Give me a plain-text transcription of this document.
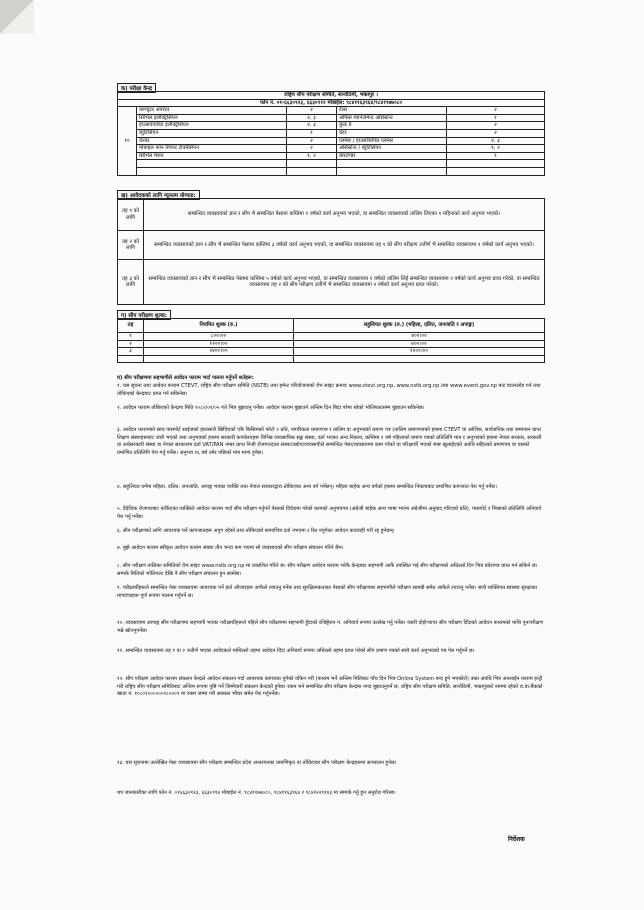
क) परीक्षा केन्द्र
राष्ट्रिय सीप परीक्षण समिति, सानोठिमी, भक्तपुर ।				
फोन नं. ०१-६६३०९२३, ६६३०९१२ मोबाईल: ९८४११६३९६४/९८४१९७७०८०				
१०	कम्प्युटर अपरेटर	२	टेलर	२
	सिभिल इलेक्ट्रिसियन	२, ३	अफिस म्यानेजमेन्ट असिस्टेन्ट	१
	हाउसवायरिङ इलेक्ट्रिसियन	२, ३	कुक II	२
	ब्युटिसियन	१	वेटर	२
	वेल्डर	२	प्लम्बर / हाउसकिपिङ प्लम्बर	२, ३
	मोबाइल फोन रिपेयर टेक्निसियन	२	असिस्टेन्ट / ब्युटिसियन	१, २
	सिभिल मेशन	१, २	बारटेण्डर	१

ख) आवेदकको लागि न्यूनतम योग्यता:
तह १ को लागि	सम्बन्धित व्यवसायको ज्ञान र सीप भै सम्बन्धित पेसामा कम्तिमा १ वर्षको कार्य अनुभव भएको, वा सम्बन्धित व्यवसायको तालिम लिएका १ महिनाको कार्य अनुभव भएको।
तह २ को लागि	सम्बन्धित व्यवसायको ज्ञान र सीप भै सम्बन्धित पेसामा कम्तिमा ३ वर्षको कार्य अनुभव भएको, वा सम्बन्धित व्यवसायमा तह १ को सीप परीक्षण उत्तीर्ण भै सम्बन्धित व्यवसायमा १ वर्षको कार्य अनुभव भएको।
तह ३ को लागि	सम्बन्धित व्यवसायको ज्ञान र सीप भै सम्बन्धित पेसामा कम्तिमा ५ वर्षको कार्य अनुभव भएको, वा सम्बन्धित व्यवसायमा १ वर्षको तालिम लिई सम्बन्धित व्यवसायमा २ वर्षको कार्य अनुभव प्राप्त गरेको, वा सम्बन्धित व्यवसायमा तह २ को सीप परीक्षण उत्तीर्ण भै सम्बन्धित व्यवसायमा २ वर्षको कार्य अनुभव प्राप्त गरेको।
ग) सीप परीक्षण शुल्क:
तह	नियमित शुल्क (रु.)	सहुलियत शुल्क (रु.) (महिला, दलित, जनजाति र अपाङ्ग)
१	८००।००	४००।००
२	१२००।००	७००।००
३	२४००।००	१२००।००

घ) सीप परीक्षणमा सहभागीले आवेदन फाराम भर्दा पालना गर्नुपर्ने शर्तहरू:
१. यस सूचना तथा आवेदन फाराम CTEVT, राष्ट्रिय सीप परीक्षण समिति (NSTB) तथा इमेन्ट परियोजनाको वेभ साइट क्रमशः www.ctevt.org.np, www.nstb.org.np तथा www.event.gov.np बाट डाउनलोड गर्न तथा तोकिएको केन्द्रबाट प्राप्त गर्न सकिनेछ।
२. आवेदन फाराम तोकिएको केन्द्रमा मिति २०८०/०१/०५ गते भित्र बुझाउनु पर्नेछ। आवेदन फाराम बुझाउने अन्तिम दिन बिदा परेमा सोको भोलिपल्टसम्म बुझाउन सकिनेछ।
३. आवेदन फारामको साथ पासपोर्ट साईजको हालसालै खिचिएको एकै किसिमको फोटो २ प्रति, नागरिकता प्रमाणपत्र र तालिम वा अनुभवको प्रमाण पत्र (तालिम प्रमाणपत्रको हकमा CTEVT वा आंशिक, सार्वजनिक तथा सम्बन्धन प्राप्त शिक्षण संस्थाहरूबाट जारी भएको तथा अनुभवको हकमा सरकारी कार्यालयहरू विभिन्न व्यवसायिक सङ्घ संस्था, दर्ता भएका अन्य निकाय, कम्तिमा १ वर्ष पहिलाको प्रमाण पत्रको प्रतिलिपि मात्र र अनुभवको हकमा नेपाल सरकार, सरकारी वा अर्धसरकारी संस्था वा नेपाल सरकारमा दर्ता VAT/PAN नम्बर प्राप्त निजी रोजगारदाता संस्था/उद्योग/व्यवसायीले सम्बन्धित पेसा/व्यवसायमा काम गरेको वा परिक्षार्थी भएको स्पष्ट खुलाईएको अवधि सहितको प्रमाणपत्र वा यसको प्रमाणित प्रतिलिपि पेश गर्नु पर्नेछ। अनुभव १६ वर्ष उमेर पछिको मात्र मान्य हुनेछ।
४. सहुलियत वर्गमा महिला, दलित, जनजाति, अपाङ्ग भएका व्यक्ति तथा नेपाल सरकारद्वारा तोकिएका अन्य वर्ग पर्नेछन्। महिला बाहेक अन्य वर्गको हकमा सम्बन्धित निकायबाट प्रमाणित कागजात पेश गर्नु पर्नेछ।
५. वैदेशिक रोजगारबाट फर्किएका व्यक्तिले आवेदन फाराम भर्दा सीप परीक्षण गर्नुपर्ने पेसाको विदेशमा गरेको कामको अनुभवपत्र (अंग्रेजी बाहेक अन्य भाषा भएमा अंग्रेजीमा अनुवाद गरिएको प्रति), पासपोर्ट र भिसाको प्रतिलिपि अनिवार्य पेश गर्नु पर्नेछ।
६. सीप परीक्षणको लागि आवश्यक पर्ने कागजातहरू अपुग रहेको तथा तोकिएको समयभित्र दर्ता नभएमा र रित नपुगेका आवेदन कारवाही गरी रद्द हुनेछन्।
७. बुझे आवेदन फाराम स्वीकृत आवेदन फाराम संख्या तीन भन्दा कम भएमा सो व्यवसायको सीप परीक्षण संचालन गरिने छैन।
८. सीप परीक्षण तालिका समितिको वेभ साइट www.nstb.org.np मा प्रकाशित गरिने छ। सीप परीक्षण आवेदन फाराम भरेकै केन्द्रबाट सहभागी आफैं उपस्थित भई सीप परीक्षणको अधिल्लो दिन भित्र प्रवेशपत्र प्राप्त गर्न सकिने छ। सम्पर्क मितिको भोलिपल्ट देखि नै सीप परीक्षण संचालन हुन सक्नेछ।
९. परीक्षार्थीहरूले सम्बन्धित पेसा व्यवसायमा आवश्यक पर्ने हाते औजारहरू आफैले ल्याउनु पर्नेछ तथा सुरक्षित्मकताका पेसाको सीप परीक्षणका सहभागीले परीक्षण सामग्री समेत आफैले ल्याउनु पर्नेछ। साथै व्यक्तिगत स्वास्थ्य सुरक्षाका मापदण्डहरू पूर्ण रूपमा पालना गर्नुपर्ने छ।
१०. व्यवसायमा आपाङ्ग सीप परीक्षणमा सहभागी भएका परीक्षार्थीहरूले पहिले सीप परीक्षणमा सहभागी हुँदाको रजिष्ट्रेशन नं. अनिवार्य रूपमा उल्लेख गर्नु पर्नेछ। यसरी दोहोर्‍याएर सीप परीक्षण दिँदाको आवेदन फारामको माथि पुनःपरीक्षण भन्ने खोज्नुपर्नेछ।
११. सम्बन्धित व्यवसायमा तह १ वा २ उत्तीर्ण भएका आवेदकले माथिल्लो तहमा आवेदन दिंदा अनिवार्य रूपमा अघिल्लो तहमा प्राप्त गरेको सीप प्रमाण पत्रको साथै कार्य अनुभवको पत्र पेश गर्नुपर्ने छ।
१२. सीप परीक्षण आवेदन फाराम संकलन केन्द्रले आवेदन संकलन गर्दा आवश्यक कागजात पुगेको यकिन गरी (फाराम भर्ने अन्तिम मितिबाट पाँच दिन भित्र Online System बन्द हुने भएकोले) उक्त अवधि भित्र अनलाईन फाराम इन्ट्री गरी राष्ट्रिय सीप परीक्षण समितिबाट अन्तिम रूपमा पुष्टि गर्ने जिम्मेवारी संकलन केन्द्रको हुनेछ। रकम भने सम्बन्धित सीप परीक्षण केन्द्रमा नगद बुझाउनुपर्ने छ, राष्ट्रिय सीप परीक्षण समिति, सानोठिमी, भक्तपुरको नाममा रहेको रा.वा.बैंकको खाता नं. १०८०१००००००१८०००९ मा रकम जम्मा गरी सक्कल भौचर समेत पेश गर्नुपर्नेछ।
१३. यस सूचनामा उल्लेखित पेसा व्यवसायमा सीप परीक्षण सम्बन्धित प्रदेश अन्तरगतका प्रमाणिकृत वा तोकिएका सीप परीक्षण केन्द्रहरूमा सञ्चालन हुनेछ।
थप जानकारीका लागि फोन नं. ०१६६३०९२३, ६६३०९१४ मोबाईल नं. ९८४११७७०८०, ९८४११६३९६४ र ९८४१२२९१४३ मा सम्पर्क गर्नु हुन अनुरोध गरिन्छ।
निर्देशक
